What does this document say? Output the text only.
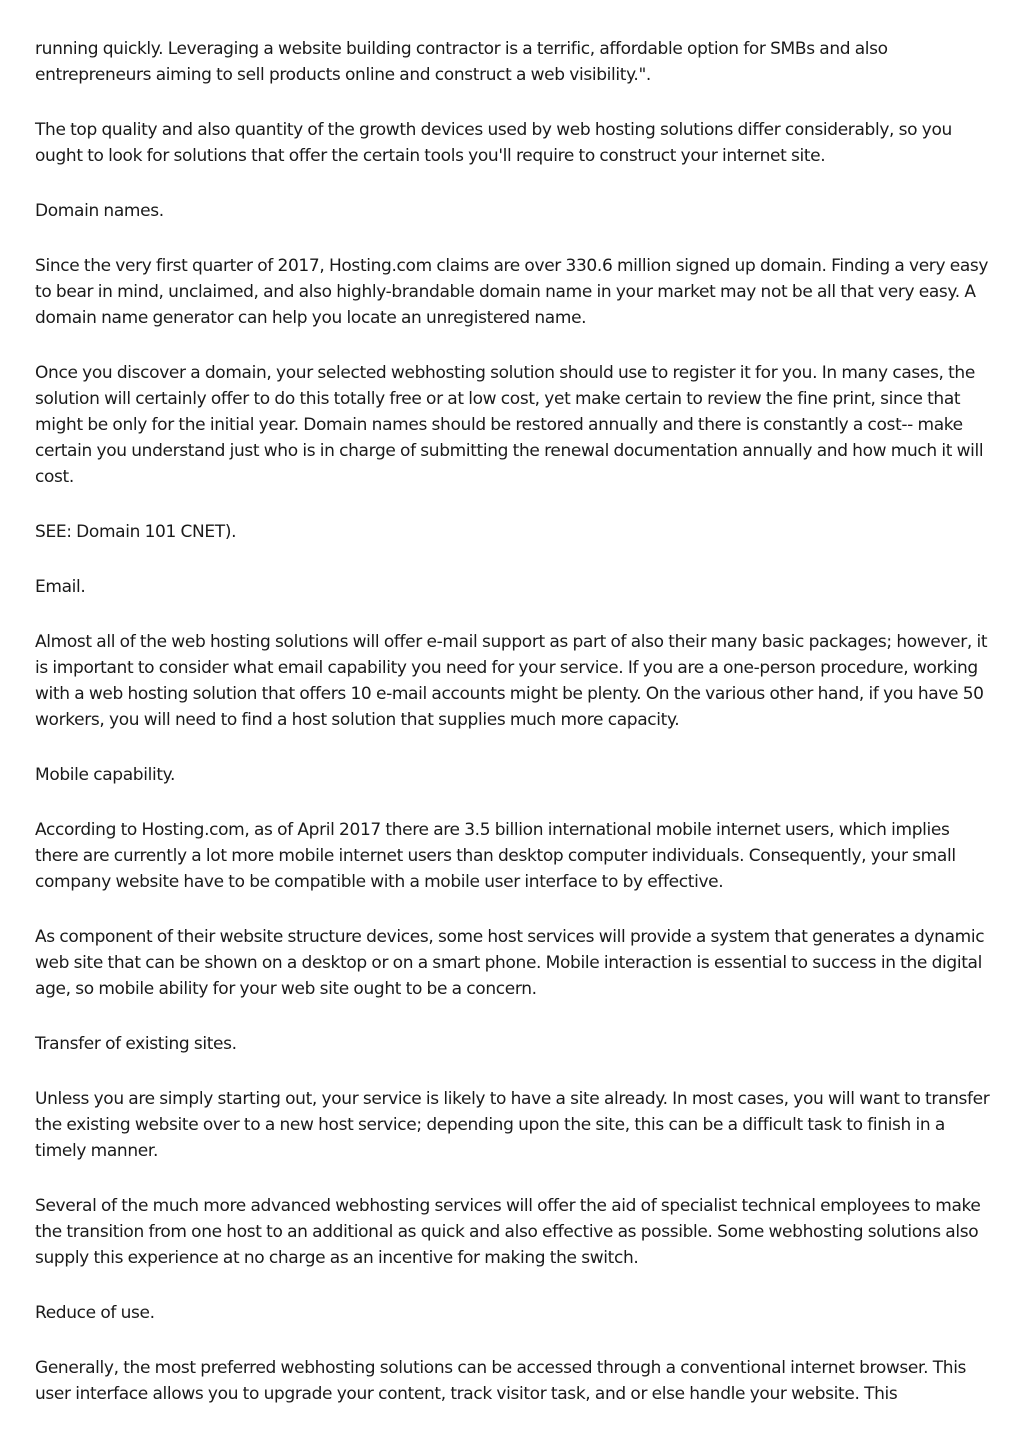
running quickly. Leveraging a website building contractor is a terrific, affordable option for SMBs and also entrepreneurs aiming to sell products online and construct a web visibility.".

The top quality and also quantity of the growth devices used by web hosting solutions differ considerably, so you ought to look for solutions that offer the certain tools you'll require to construct your internet site.

Domain names.

Since the very first quarter of 2017, Hosting.com claims are over 330.6 million signed up domain. Finding a very easy to bear in mind, unclaimed, and also highly-brandable domain name in your market may not be all that very easy. A domain name generator can help you locate an unregistered name.

Once you discover a domain, your selected webhosting solution should use to register it for you. In many cases, the solution will certainly offer to do this totally free or at low cost, yet make certain to review the fine print, since that might be only for the initial year. Domain names should be restored annually and there is constantly a cost-- make certain you understand just who is in charge of submitting the renewal documentation annually and how much it will cost.

SEE: Domain 101 CNET).

Email.

Almost all of the web hosting solutions will offer e-mail support as part of also their many basic packages; however, it is important to consider what email capability you need for your service. If you are a one-person procedure, working with a web hosting solution that offers 10 e-mail accounts might be plenty. On the various other hand, if you have 50 workers, you will need to find a host solution that supplies much more capacity.

Mobile capability.

According to Hosting.com, as of April 2017 there are 3.5 billion international mobile internet users, which implies there are currently a lot more mobile internet users than desktop computer individuals. Consequently, your small company website have to be compatible with a mobile user interface to by effective.

As component of their website structure devices, some host services will provide a system that generates a dynamic web site that can be shown on a desktop or on a smart phone. Mobile interaction is essential to success in the digital age, so mobile ability for your web site ought to be a concern.

Transfer of existing sites.

Unless you are simply starting out, your service is likely to have a site already. In most cases, you will want to transfer the existing website over to a new host service; depending upon the site, this can be a difficult task to finish in a timely manner.

Several of the much more advanced webhosting services will offer the aid of specialist technical employees to make the transition from one host to an additional as quick and also effective as possible. Some webhosting solutions also supply this experience at no charge as an incentive for making the switch.

Reduce of use.

Generally, the most preferred webhosting solutions can be accessed through a conventional internet browser. This user interface allows you to upgrade your content, track visitor task, and or else handle your website. This
